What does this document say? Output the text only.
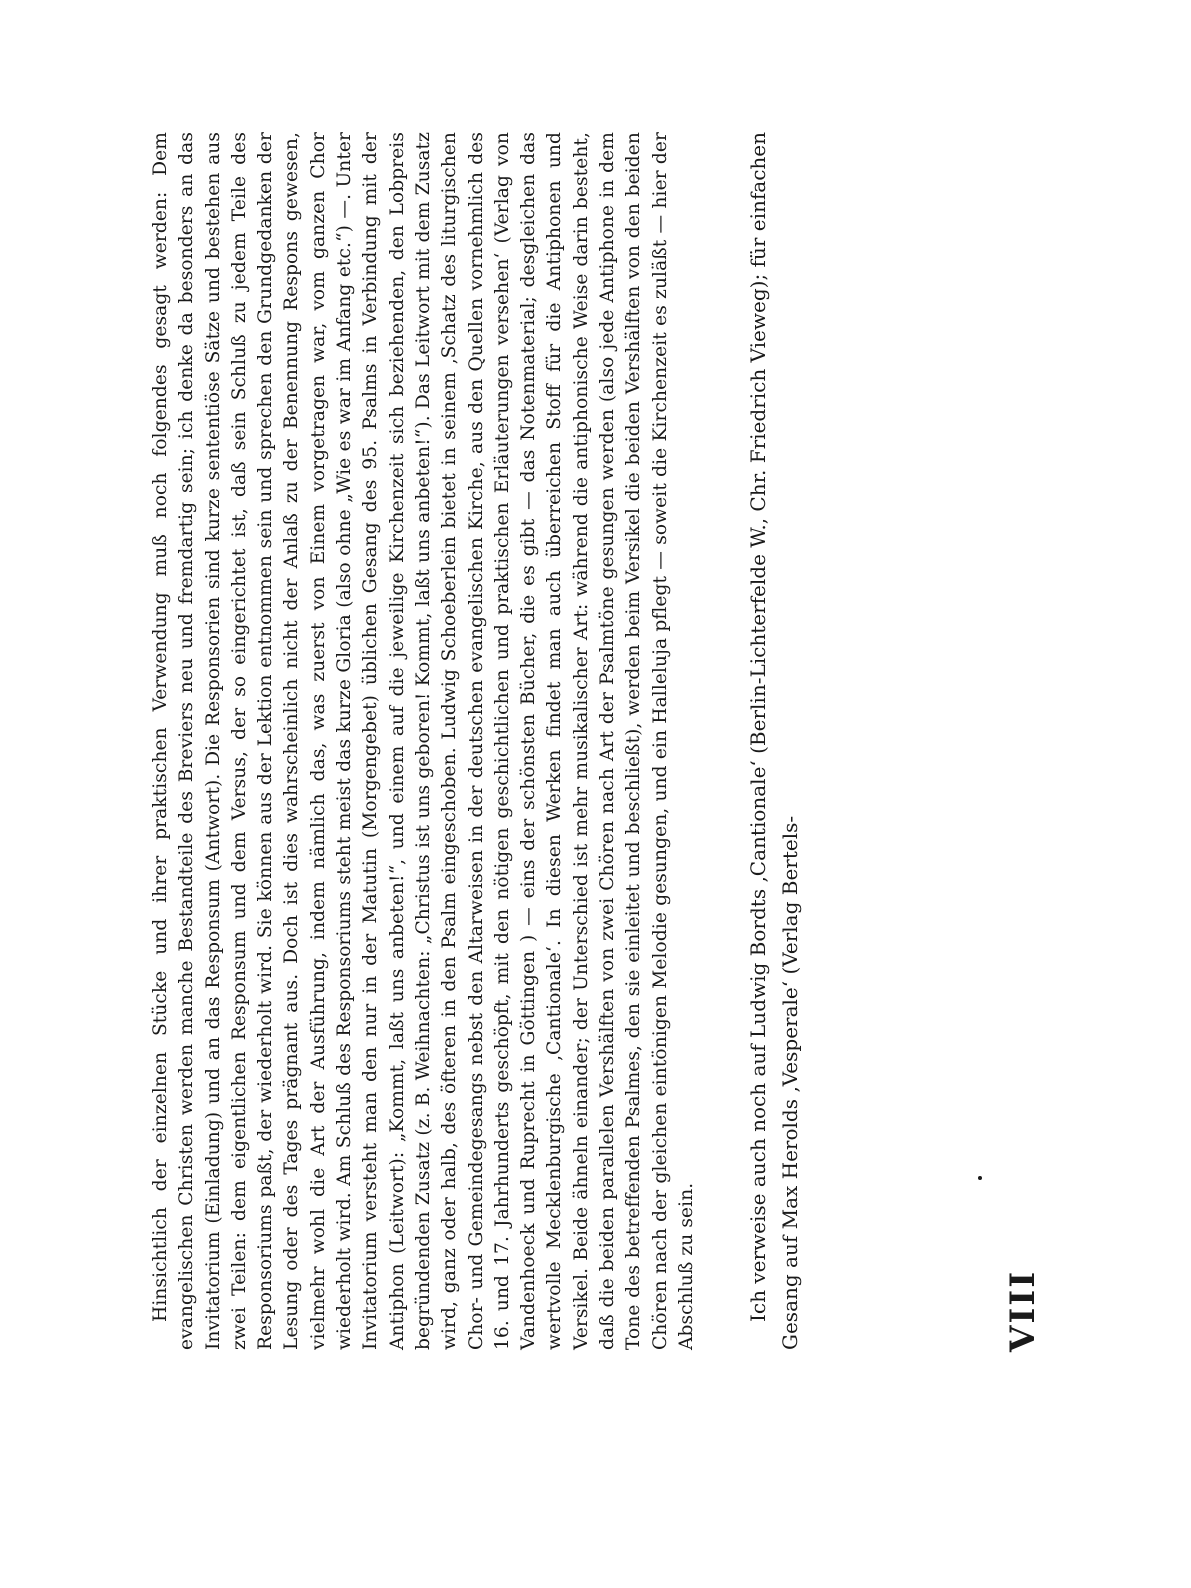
Hinsichtlich der einzelnen Stücke und ihrer praktischen Verwendung muß noch folgendes gesagt werden: Dem evangelischen Christen werden manche Bestandteile des Breviers neu und fremdartig sein; ich denke da besonders an das Invitatorium (Einladung) und an das Responsum (Antwort). Die Responsorien sind kurze sententiöse Sätze und bestehen aus zwei Teilen: dem eigentlichen Responsum und dem Versus, der so eingerichtet ist, daß sein Schluß zu jedem Teile des Responsoriums paßt, der wiederholt wird. Sie können aus der Lektion entnommen sein und sprechen den Grundgedanken der Lesung oder des Tages prägnant aus. Doch ist dies wahrscheinlich nicht der Anlaß zu der Benennung Respons gewesen, vielmehr wohl die Art der Ausführung, indem nämlich das, was zuerst von Einem vorgetragen war, vom ganzen Chor wiederholt wird. Am Schluß des Responsoriums steht meist das kurze Gloria (also ohne „Wie es war im Anfang etc.“) —. Unter Invitatorium versteht man den nur in der Matutin (Morgengebet) üblichen Gesang des 95. Psalms in Verbindung mit der Antiphon (Leitwort): „Kommt, laßt uns anbeten!“, und einem auf die jeweilige Kirchenzeit sich beziehenden, den Lobpreis begründenden Zusatz (z. B. Weihnachten: „Christus ist uns geboren! Kommt, laßt uns anbeten!“). Das Leitwort mit dem Zusatz wird, ganz oder halb, des öfteren in den Psalm eingeschoben. Ludwig Schoeberlein bietet in seinem ‚Schatz des liturgischen Chor- und Gemeindegesangs nebst den Altarweisen in der deutschen evangelischen Kirche, aus den Quellen vornehmlich des 16. und 17. Jahrhunderts geschöpft, mit den nötigen geschichtlichen und praktischen Erläuterungen versehen‘ (Verlag von Vandenhoeck und Ruprecht in Göttingen ) — eins der schönsten Bücher, die es gibt — das Notenmaterial; desgleichen das wertvolle Mecklenburgische ‚Cantionale‘. In diesen Werken findet man auch überreichen Stoff für die Antiphonen und Versikel. Beide ähneln einander; der Unterschied ist mehr musikalischer Art: während die antiphonische Weise darin besteht, daß die beiden parallelen Vershälften von zwei Chören nach Art der Psalmtöne gesungen werden (also jede Antiphone in dem Tone des betreffenden Psalmes, den sie einleitet und beschließt), werden beim Versikel die beiden Vershälften von den beiden Chören nach der gleichen eintönigen Melodie gesungen, und ein Halleluja pflegt — soweit die Kirchenzeit es zuläßt — hier der Abschluß zu sein. Ich verweise auch noch auf Ludwig Bordts ‚Cantionale‘ (Berlin-Lichterfelde W., Chr. Friedrich Vieweg); für einfachen Gesang auf Max Herolds ‚Vesperale‘ (Verlag Bertels-	VIII
